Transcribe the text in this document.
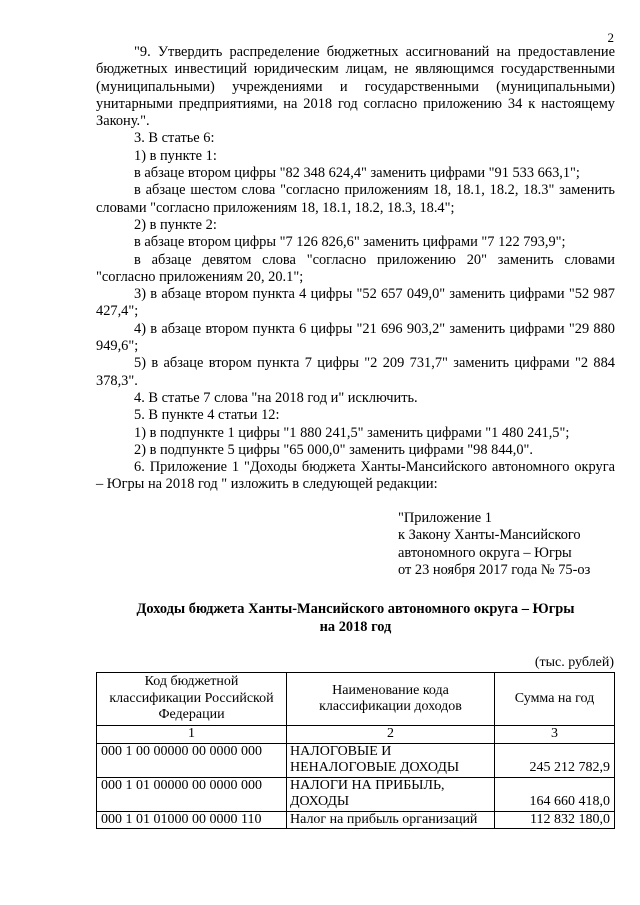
2

"9. Утвердить распределение бюджетных ассигнований на предоставление бюджетных инвестиций юридическим лицам, не являющимся государственными (муниципальными) учреждениями и государственными (муниципальными) унитарными предприятиями, на 2018 год согласно приложению 34 к настоящему Закону.".

3. В статье 6:

1) в пункте 1:

в абзаце втором цифры "82 348 624,4" заменить цифрами "91 533 663,1";

в абзаце шестом слова "согласно приложениям 18, 18.1, 18.2, 18.3" заменить словами "согласно приложениям 18, 18.1, 18.2, 18.3, 18.4";

2) в пункте 2:

в абзаце втором цифры "7 126 826,6" заменить цифрами "7 122 793,9";

в абзаце девятом слова "согласно приложению 20" заменить словами "согласно приложениям 20, 20.1";

3) в абзаце втором пункта 4 цифры "52 657 049,0" заменить цифрами "52 987 427,4";

4) в абзаце втором пункта 6 цифры "21 696 903,2" заменить цифрами "29 880 949,6";

5) в абзаце втором пункта 7 цифры "2 209 731,7" заменить цифрами "2 884 378,3".

4. В статье 7 слова "на 2018 год и" исключить.

5. В пункте 4 статьи 12:

1) в подпункте 1 цифры "1 880 241,5" заменить цифрами "1 480 241,5";

2) в подпункте 5 цифры "65 000,0" заменить цифрами "98 844,0".

6. Приложение 1 "Доходы бюджета Ханты-Мансийского автономного округа – Югры на 2018 год " изложить в следующей редакции:

"Приложение 1
к Закону Ханты-Мансийского
автономного округа – Югры
от 23 ноября 2017 года № 75-оз
Доходы бюджета Ханты-Мансийского автономного округа – Югры
на 2018 год
(тыс. рублей)
Код бюджетной классификации Российской Федерации	Наименование кода классификации доходов	Сумма на год
1	2	3
000 1 00 00000 00 0000 000	НАЛОГОВЫЕ И НЕНАЛОГОВЫЕ ДОХОДЫ	245 212 782,9
000 1 01 00000 00 0000 000	НАЛОГИ НА ПРИБЫЛЬ, ДОХОДЫ	164 660 418,0
000 1 01 01000 00 0000 110	Налог на прибыль организаций	112 832 180,0
